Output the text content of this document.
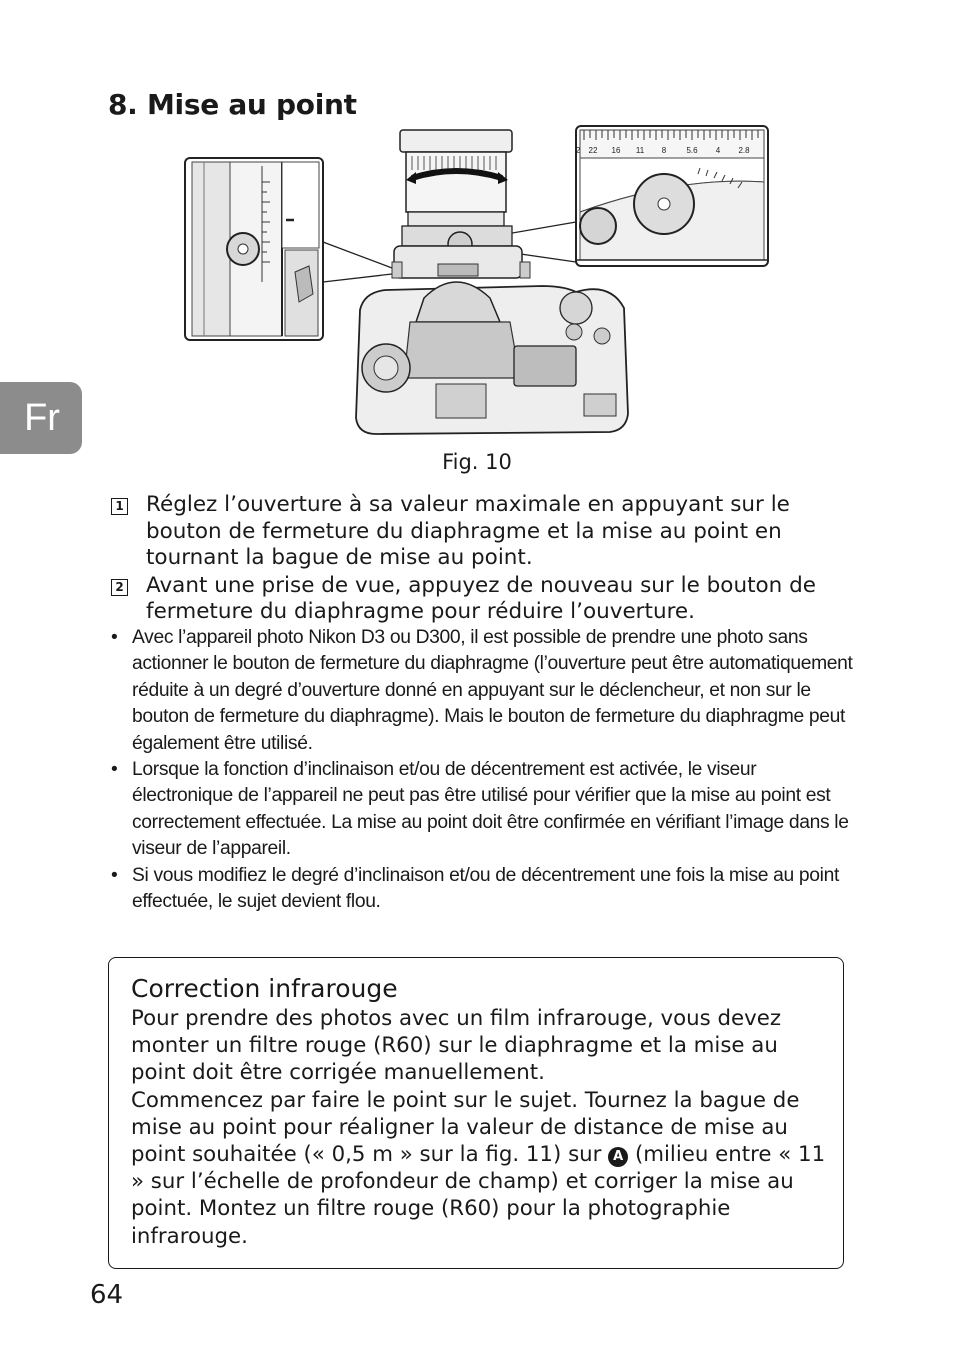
8. Mise au point
Fr
2 22 16 11 8	5.6 4 2.8
Fig. 10
1 Réglez l’ouverture à sa valeur maximale en appuyant sur le bouton de fermeture du diaphragme et la mise au point en tournant la bague de mise au point.
2 Avant une prise de vue, appuyez de nouveau sur le bouton de fermeture du diaphragme pour réduire l’ouverture.
• Avec l’appareil photo Nikon D3 ou D300, il est possible de prendre une photo sans actionner le bouton de fermeture du diaphragme (l’ouverture peut être automatiquement réduite à un degré d’ouverture donné en appuyant sur le déclencheur, et non sur le bouton de fermeture du diaphragme). Mais le bouton de fermeture du diaphragme peut également être utilisé.
• Lorsque la fonction d’inclinaison et/ou de décentrement est activée, le viseur électronique de l’appareil ne peut pas être utilisé pour vérifier que la mise au point est correctement effectuée. La mise au point doit être confirmée en vérifiant l’image dans le viseur de l’appareil.
• Si vous modifiez le degré d’inclinaison et/ou de décentrement une fois la mise au point effectuée, le sujet devient flou.
Correction infrarouge

Pour prendre des photos avec un film infrarouge, vous devez monter un filtre rouge (R60) sur le diaphragme et la mise au point doit être corrigée manuellement.

Commencez par faire le point sur le sujet. Tournez la bague de mise au point pour réaligner la valeur de distance de mise au point souhaitée (« 0,5 m » sur la fig. 11) sur A (milieu entre « 11 » sur l’échelle de profondeur de champ) et corriger la mise au point. Montez un filtre rouge (R60) pour la photographie infrarouge.

64
